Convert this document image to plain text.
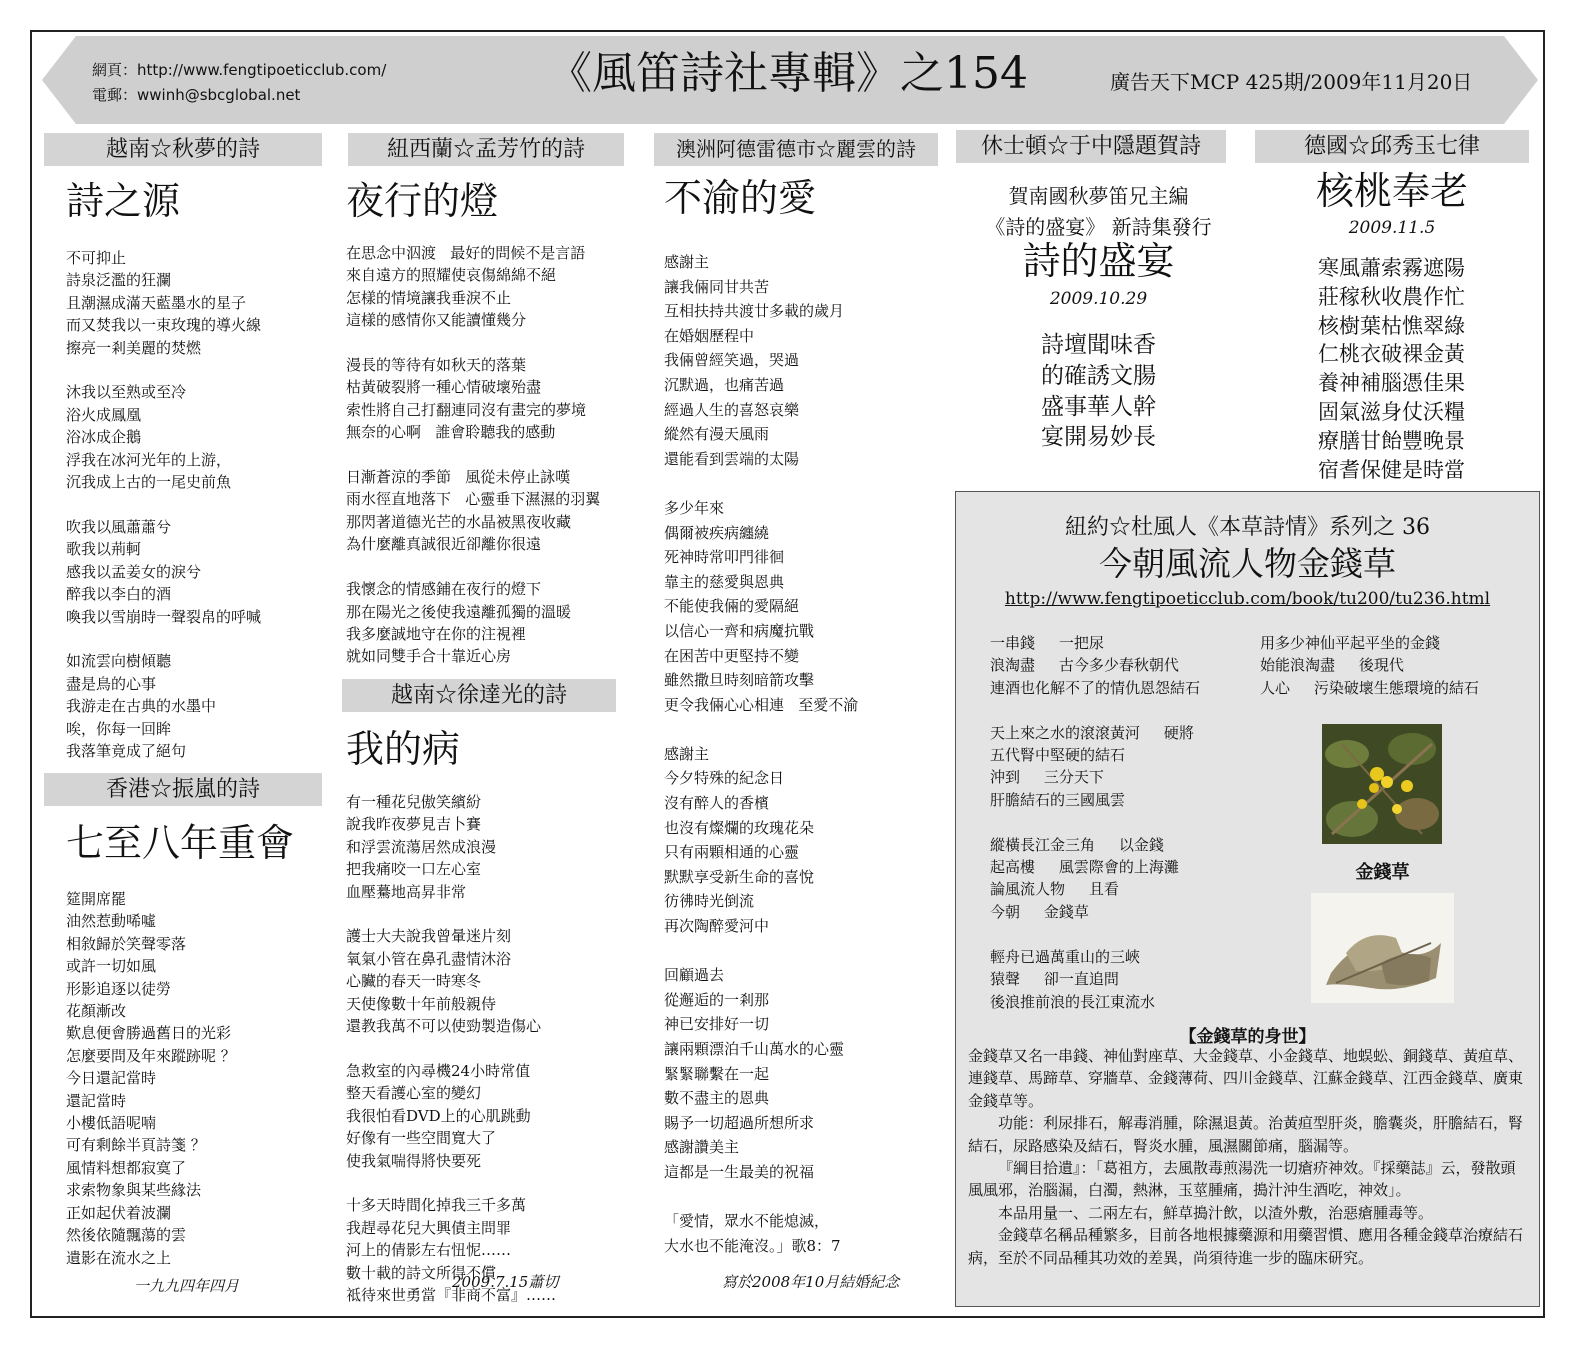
網頁：http://www.fengtipoeticclub.com/
電郵：wwinh@sbcglobal.net	《風笛詩社專輯》之154	廣告天下MCP 425期/2009年11月20日
越南☆秋夢的詩
詩之源
不可抑止
詩泉泛濫的狂瀾
且潮濕成滿天藍墨水的星子
而又焚我以一束玫瑰的導火線
擦亮一剎美麗的焚燃

沐我以至熟或至冷
浴火成鳳凰
浴冰成企鵝
浮我在冰河光年的上游，
沉我成上古的一尾史前魚

吹我以風蕭蕭兮
歌我以荊軻
感我以孟姜女的淚兮
醉我以李白的酒
喚我以雪崩時一聲裂帛的呼喊

如流雲向樹傾聽
盡是鳥的心事
我游走在古典的水墨中
唉，你每一回眸
我落筆竟成了絕句
香港☆振嵐的詩
七至八年重會
筵開席罷
油然惹動唏噓
相敘歸於笑聲零落
或許一切如風
形影追逐以徒勞
花顏漸改
歎息便會勝過舊日的光彩
怎麼要問及年來蹤跡呢 ？
今日還記當時
還記當時
小樓低語呢喃
可有剩餘半頁詩箋 ？
風情料想都寂寞了
求索物象與某些緣法
正如起伏着波瀾
然後依隨飄蕩的雲
遺影在流水之上
一九九四年四月
紐西蘭☆孟芳竹的詩
夜行的燈
在思念中泅渡   最好的問候不是言語
來自遠方的照耀使哀傷綿綿不絕
怎樣的情境讓我垂淚不止
這樣的感情你又能讀懂幾分

漫長的等待有如秋天的落葉
枯黃破裂將一種心情破壞殆盡
索性將自己打翻連同沒有畫完的夢境
無奈的心啊   誰會聆聽我的感動

日漸蒼涼的季節   風從未停止詠嘆
雨水徑直地落下   心靈垂下濕濕的羽翼
那閃著道德光芒的水晶被黑夜收藏
為什麼離真誠很近卻離你很遠

我懷念的情感鋪在夜行的燈下
那在陽光之後使我遠離孤獨的溫暖
我多麼誠地守在你的注視裡
就如同雙手合十靠近心房
越南☆徐達光的詩
我的病
有一種花兒傲笑繽紛
說我昨夜夢見吉卜賽
和浮雲流蕩居然成浪漫
把我痛咬一口左心室
血壓驀地高昇非常

護士大夫說我曾暈迷片刻
氧氣小管在鼻孔盡情沐浴
心臟的春天一時寒冬
天使像數十年前般親侍
還教我萬不可以使勁製造傷心

急救室的內尋機24小時常值
整天看護心室的變幻
我很怕看DVD上的心肌跳動
好像有一些空間寬大了
使我氣喘得將快要死

十多天時間化掉我三千多萬
我趕尋花兒大興債主問罪
河上的倩影左右忸怩……
數十載的詩文所得不償
祗待來世勇當『非商不富』……
2009.7.15蕭切
澳洲阿德雷德市☆麗雲的詩
不渝的愛
感謝主
讓我倆同甘共苦
互相扶持共渡廿多載的歲月
在婚姻歷程中
我倆曾經笑過，哭過
沉默過，也痛苦過
經過人生的喜怒哀樂
縱然有漫天風雨
還能看到雲端的太陽

多少年來
偶爾被疾病纏繞
死神時常叩門徘徊
靠主的慈愛與恩典
不能使我倆的愛隔絕
以信心一齊和病魔抗戰
在困苦中更堅持不變
雖然撒旦時刻暗箭攻擊
更令我倆心心相連   至愛不渝

感謝主
今夕特殊的紀念日
沒有醉人的香檳
也沒有燦爛的玫瑰花朵
只有兩顆相通的心靈
默默享受新生命的喜悅
彷彿時光倒流
再次陶醉愛河中

回顧過去
從邂逅的一剎那
神已安排好一切
讓兩顆漂泊千山萬水的心靈
緊緊聯繫在一起
數不盡主的恩典
賜予一切超過所想所求
感謝讚美主
這都是一生最美的祝福

「愛情，眾水不能熄滅，
大水也不能淹沒。」歌8：7
寫於2008年10月結婚紀念
休士頓☆于中隱題賀詩
賀南國秋夢笛兄主編
《詩的盛宴》 新詩集發行
詩的盛宴
2009.10.29
詩壇聞味香
的確誘文腸
盛事華人幹
宴開易妙長
德國☆邱秀玉七律
核桃奉老
2009.11.5
寒風蕭索霧遮陽
莊稼秋收農作忙
核樹葉枯憔翠綠
仁桃衣破裸金黃
養神補腦憑佳果
固氣滋身仗沃糧
療膳甘飴豐晚景
宿耆保健是時當
紐約☆杜風人《本草詩情》系列之 36
今朝風流人物金錢草
http://www.fengtipoeticclub.com/book/tu200/tu236.html
一串錢     一把尿
浪淘盡     古今多少春秋朝代
連酒也化解不了的情仇恩怨結石

天上來之水的滾滾黃河     硬將
五代腎中堅硬的結石
沖到     三分天下
肝膽結石的三國風雲

縱橫長江金三角     以金錢
起高樓     風雲際會的上海灘
論風流人物     且看
今朝     金錢草

輕舟已過萬重山的三峽
猿聲     卻一直追問
後浪推前浪的長江東流水
用多少神仙平起平坐的金錢
始能浪淘盡     後現代
人心     污染破壞生態環境的結石
金錢草
【金錢草的身世】
金錢草又名一串錢、神仙對座草、大金錢草、小金錢草、地蜈蚣、銅錢草、黃疸草、連錢草、馬蹄草、穿牆草、金錢薄荷、四川金錢草、江蘇金錢草、江西金錢草、廣東金錢草等。
功能：利尿排石，解毒消腫，除濕退黃。治黃疸型肝炎，膽囊炎，肝膽結石，腎結石，尿路感染及結石，腎炎水腫，風濕關節痛，腦漏等。
『綱目拾遺』：「葛祖方，去風散毒煎湯洗一切瘡疥神效。『採藥誌』云，發散頭風風邪，治腦漏，白濁，熱淋，玉莖腫痛，搗汁沖生酒吃，神效」。
本品用量一、二兩左右，鮮草搗汁飲，以渣外敷，治惡瘡腫毒等。
金錢草名稱品種繁多，目前各地根據藥源和用藥習慣、應用各種金錢草治療結石病，至於不同品種其功效的差異，尚須待進一步的臨床研究。
